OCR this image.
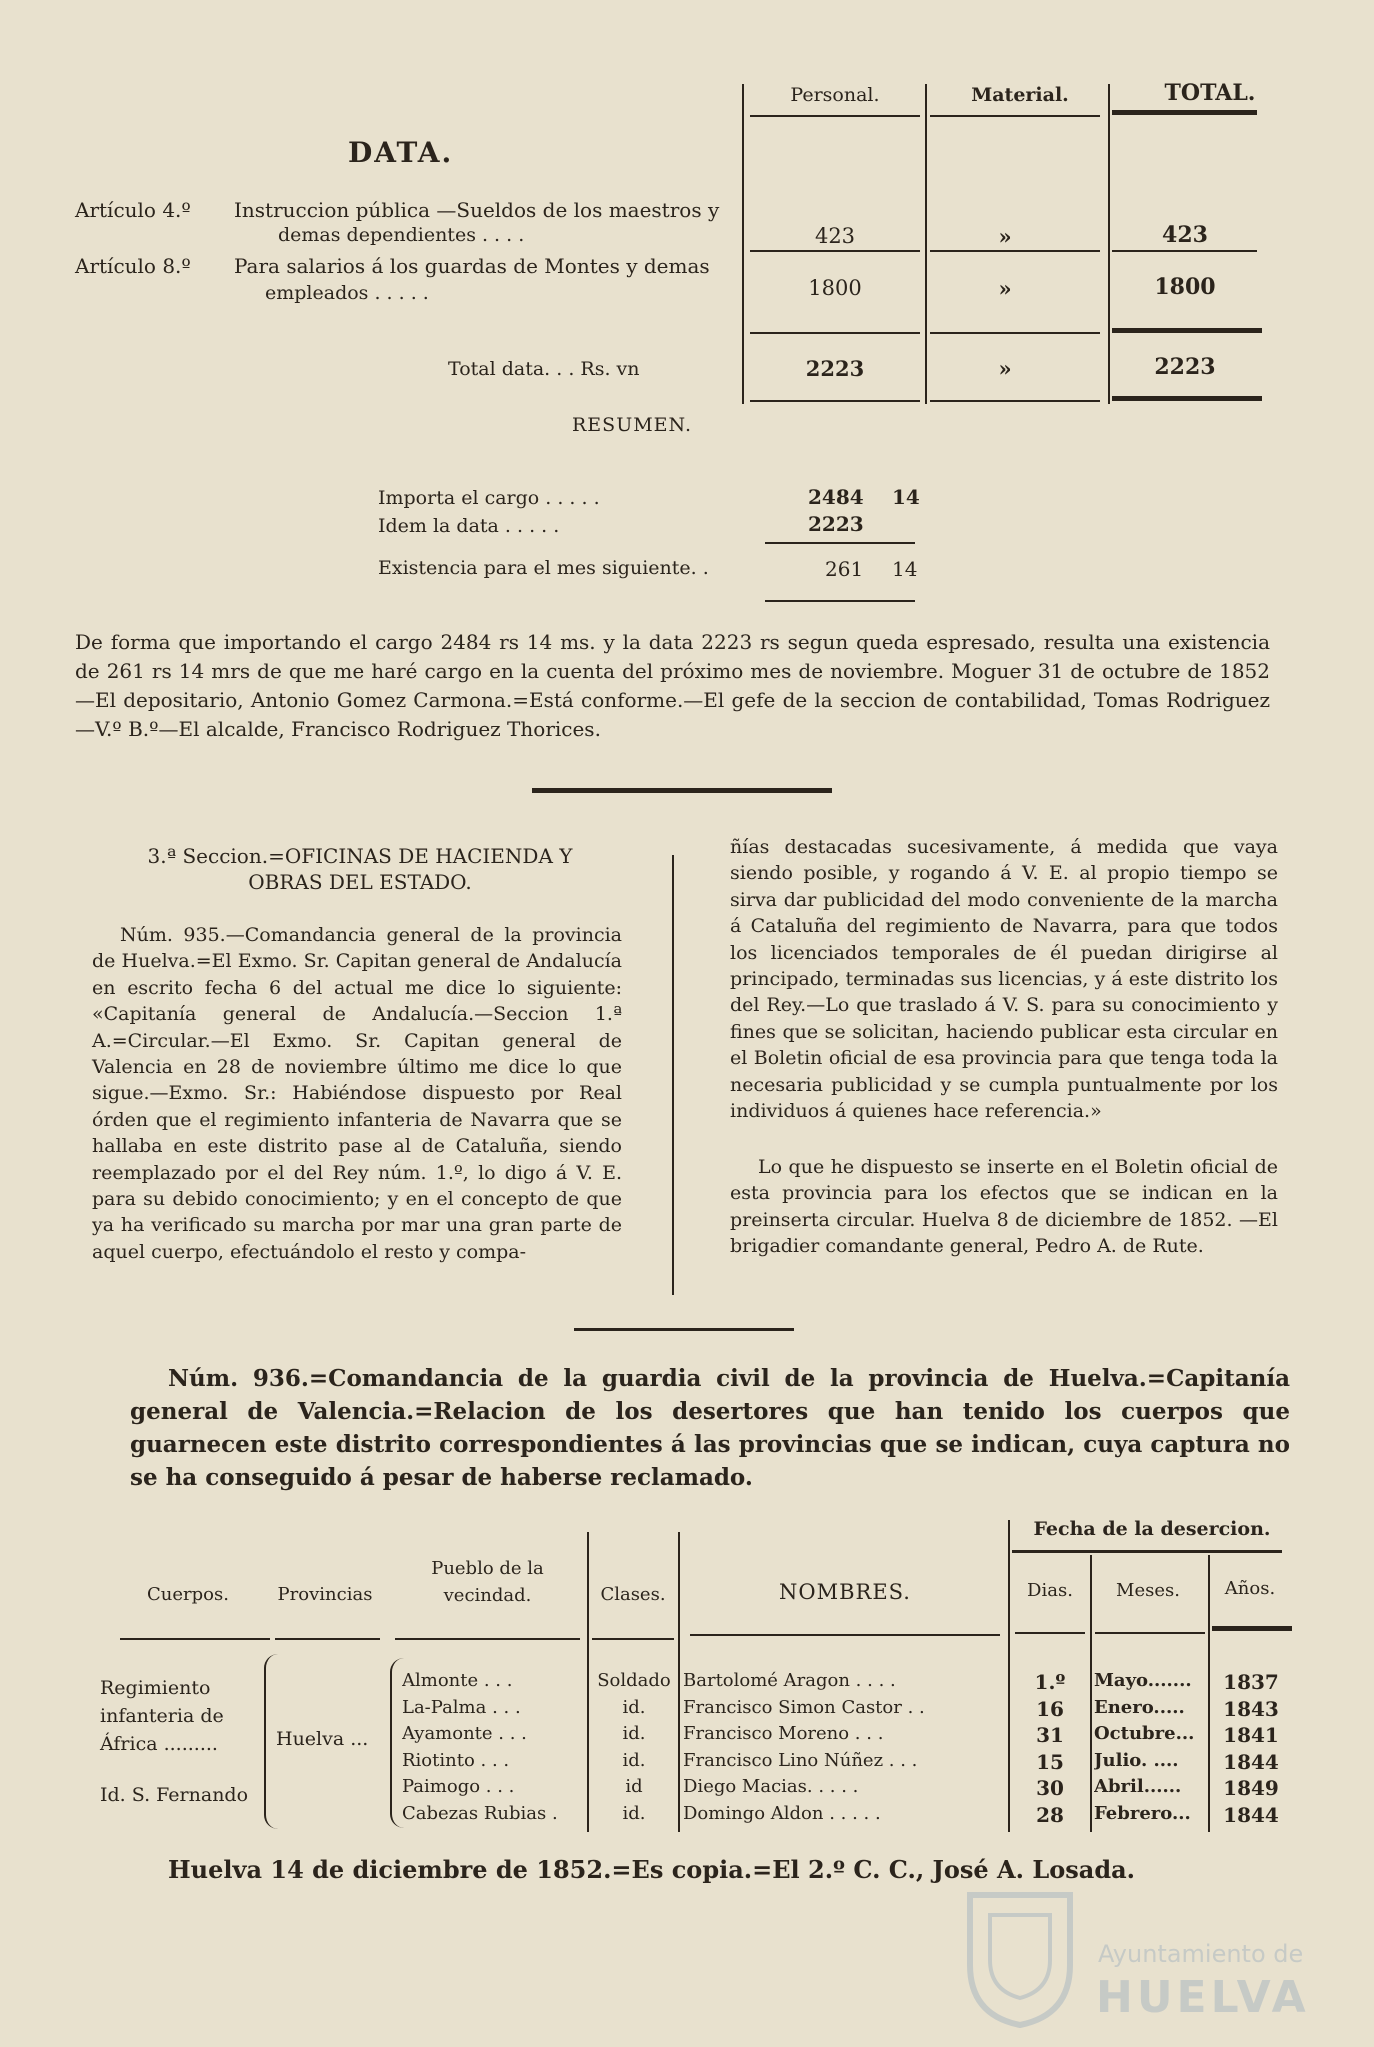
Personal.	Material.	TOTAL.
DATA.
Artículo 4.º Instruccion pública —Sueldos de los maestros y
demas dependientes . . . .	423	»	423
Artículo 8.º Para salarios á los guardas de Montes y demas
empleados . . . . .	1800	»	1800
Total data. . . Rs. vn	2223	»	2223
RESUMEN.
Importa el cargo . . . . .	2484 14
Idem la data . . . . .	2223
Existencia para el mes siguiente. .	261 14
De forma que importando el cargo 2484 rs 14 ms. y la data 2223 rs segun queda espresado, resulta una existencia de 261 rs 14 mrs de que me haré cargo en la cuenta del próximo mes de noviembre. Moguer 31 de octubre de 1852 —El depositario, Antonio Gomez Carmona.=Está conforme.—El gefe de la seccion de contabilidad, Tomas Rodriguez —V.º B.º—El alcalde, Francisco Rodriguez Thorices.
3.ª Seccion.=OFICINAS DE HACIENDA Y
OBRAS DEL ESTADO.
Núm. 935.—Comandancia general de la provincia de Huelva.=El Exmo. Sr. Capitan general de Andalucía en escrito fecha 6 del actual me dice lo siguiente: «Capitanía general de Andalucía.—Seccion 1.ª A.=Circular.—El Exmo. Sr. Capitan general de Valencia en 28 de noviembre último me dice lo que sigue.—Exmo. Sr.: Habiéndose dispuesto por Real órden que el regimiento infanteria de Navarra que se hallaba en este distrito pase al de Cataluña, siendo reemplazado por el del Rey núm. 1.º, lo digo á V. E. para su debido conocimiento; y en el concepto de que ya ha verificado su marcha por mar una gran parte de aquel cuerpo, efectuándolo el resto y compa-
ñías destacadas sucesivamente, á medida que vaya siendo posible, y rogando á V. E. al propio tiempo se sirva dar publicidad del modo conveniente de la marcha á Cataluña del regimiento de Navarra, para que todos los licenciados temporales de él puedan dirigirse al principado, terminadas sus licencias, y á este distrito los del Rey.—Lo que traslado á V. S. para su conocimiento y fines que se solicitan, haciendo publicar esta circular en el Boletin oficial de esa provincia para que tenga toda la necesaria publicidad y se cumpla puntualmente por los individuos á quienes hace referencia.»
Lo que he dispuesto se inserte en el Boletin oficial de esta provincia para los efectos que se indican en la preinserta circular. Huelva 8 de diciembre de 1852. —El brigadier comandante general, Pedro A. de Rute.
Núm. 936.=Comandancia de la guardia civil de la provincia de Huelva.=Capitanía general de Valencia.=Relacion de los desertores que han tenido los cuerpos que guarnecen este distrito correspondientes á las provincias que se indican, cuya captura no se ha conseguido á pesar de haberse reclamado.
Fecha de la desercion.
Cuerpos.	Provincias
Pueblo de la vecindad.	Clases.	NOMBRES.	Dias.	Meses.	Años.
Regimiento infanteria de África .........
Id. S. Fernando
Huelva ...
Almonte . . .	Soldado Bartolomé Aragon . . . .	1.º	Mayo.......	1837
La-Palma . . .	id.	Francisco Simon Castor . .	16	Enero.....	1843
Ayamonte . . .	id.	Francisco Moreno . . .	31	Octubre...	1841
Riotinto . . .	id.	Francisco Lino Núñez . . .	15	Julio. ....	1844
Paimogo . . .	id	Diego Macias. . . . .	30	Abril......	1849
Cabezas Rubias .	id.	Domingo Aldon . . . . .	28	Febrero...	1844
Huelva 14 de diciembre de 1852.=Es copia.=El 2.º C. C., José A. Losada.
Ayuntamiento de
HUELVA
